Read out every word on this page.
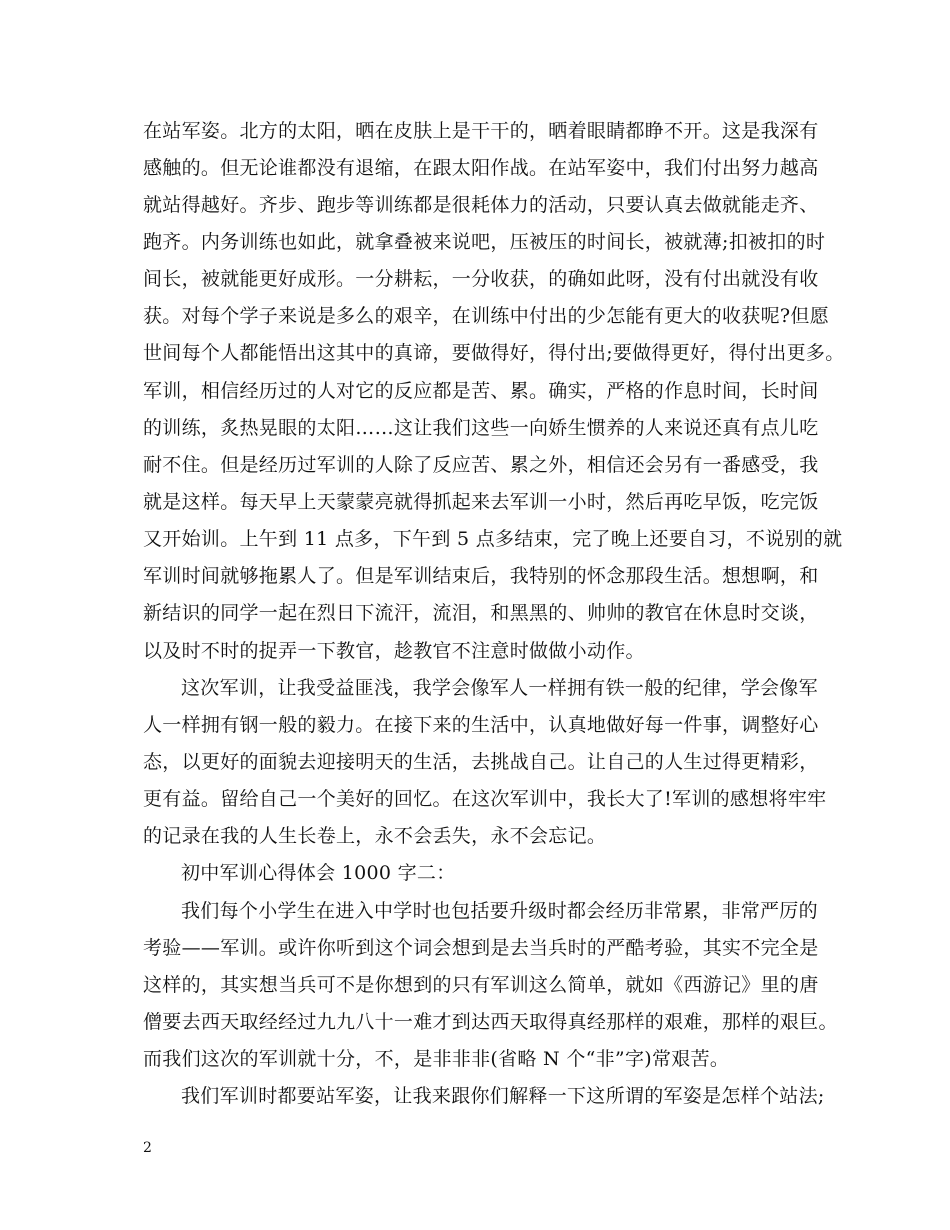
在站军姿。北方的太阳，晒在皮肤上是干干的，晒着眼睛都睁不开。这是我深有
感触的。但无论谁都没有退缩，在跟太阳作战。在站军姿中，我们付出努力越高
就站得越好。齐步、跑步等训练都是很耗体力的活动，只要认真去做就能走齐、
跑齐。内务训练也如此，就拿叠被来说吧，压被压的时间长，被就薄;扣被扣的时
间长，被就能更好成形。一分耕耘，一分收获，的确如此呀，没有付出就没有收
获。对每个学子来说是多么的艰辛，在训练中付出的少怎能有更大的收获呢?但愿
世间每个人都能悟出这其中的真谛，要做得好，得付出;要做得更好，得付出更多。
军训，相信经历过的人对它的反应都是苦、累。确实，严格的作息时间，长时间
的训练，炙热晃眼的太阳……这让我们这些一向娇生惯养的人来说还真有点儿吃
耐不住。但是经历过军训的人除了反应苦、累之外，相信还会另有一番感受，我
就是这样。每天早上天蒙蒙亮就得抓起来去军训一小时，然后再吃早饭，吃完饭
又开始训。上午到 11 点多，下午到 5 点多结束，完了晚上还要自习，不说别的就
军训时间就够拖累人了。但是军训结束后，我特别的怀念那段生活。想想啊，和
新结识的同学一起在烈日下流汗，流泪，和黑黑的、帅帅的教官在休息时交谈，
以及时不时的捉弄一下教官，趁教官不注意时做做小动作。
这次军训，让我受益匪浅，我学会像军人一样拥有铁一般的纪律，学会像军
人一样拥有钢一般的毅力。在接下来的生活中，认真地做好每一件事，调整好心
态，以更好的面貌去迎接明天的生活，去挑战自己。让自己的人生过得更精彩，
更有益。留给自己一个美好的回忆。在这次军训中，我长大了!军训的感想将牢牢
的记录在我的人生长卷上，永不会丢失，永不会忘记。
初中军训心得体会 1000 字二：
我们每个小学生在进入中学时也包括要升级时都会经历非常累，非常严厉的
考验——军训。或许你听到这个词会想到是去当兵时的严酷考验，其实不完全是
这样的，其实想当兵可不是你想到的只有军训这么简单，就如《西游记》里的唐
僧要去西天取经经过九九八十一难才到达西天取得真经那样的艰难，那样的艰巨。
而我们这次的军训就十分，不，是非非非(省略 N 个“非”字)常艰苦。
我们军训时都要站军姿，让我来跟你们解释一下这所谓的军姿是怎样个站法;
2
